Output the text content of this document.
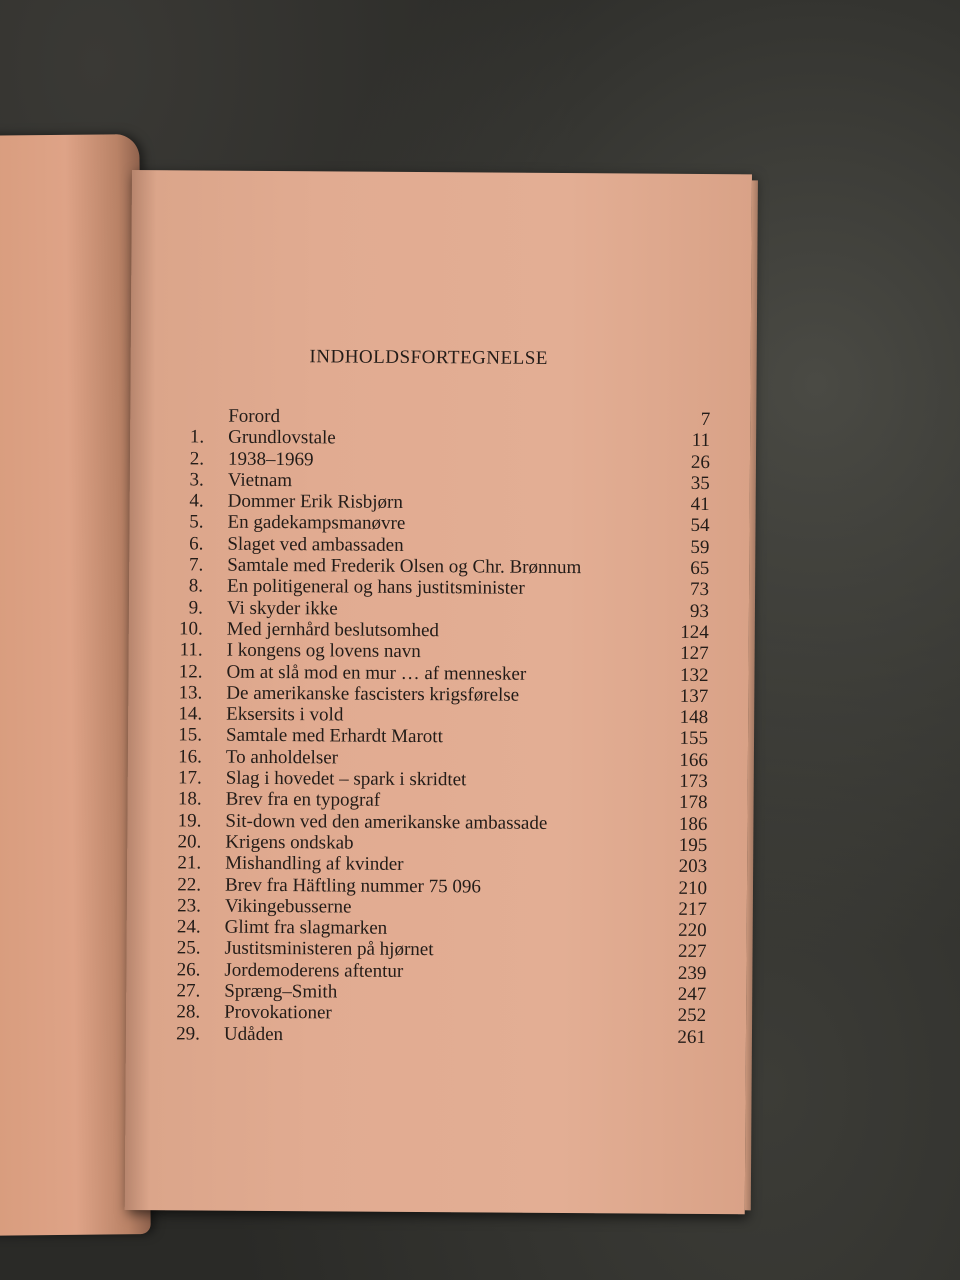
INDHOLDSFORTEGNELSE
Forord	7
1. Grundlovstale	11
2. 1938–1969	26
3. Vietnam	35
4. Dommer Erik Risbjørn	41
5. En gadekampsmanøvre	54
6. Slaget ved ambassaden	59
7. Samtale med Frederik Olsen og Chr. Brønnum	65
8. En politigeneral og hans justitsminister	73
9. Vi skyder ikke	93
10. Med jernhård beslutsomhed	124
11. I kongens og lovens navn	127
12. Om at slå mod en mur … af mennesker	132
13. De amerikanske fascisters krigsførelse	137
14. Eksersits i vold	148
15. Samtale med Erhardt Marott	155
16. To anholdelser	166
17. Slag i hovedet – spark i skridtet	173
18. Brev fra en typograf	178
19. Sit-down ved den amerikanske ambassade	186
20. Krigens ondskab	195
21. Mishandling af kvinder	203
22. Brev fra Häftling nummer 75 096	210
23. Vikingebusserne	217
24. Glimt fra slagmarken	220
25. Justitsministeren på hjørnet	227
26. Jordemoderens aftentur	239
27. Spræng–Smith	247
28. Provokationer	252
29. Udåden	261
